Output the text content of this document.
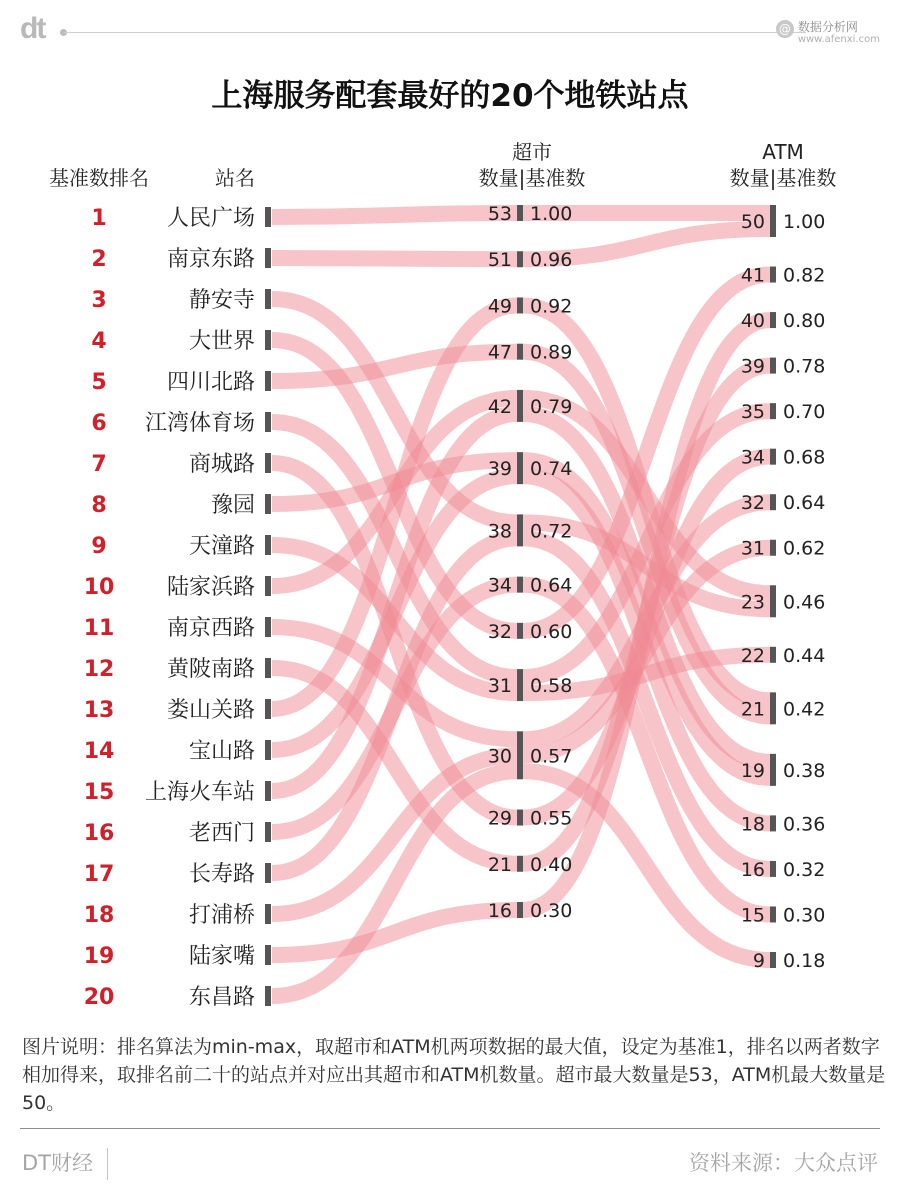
dt	@ 数据分析网
www.afenxi.com
上海服务配套最好的20个地铁站点
1	人民广场
2	南京东路
3	静安寺
4	大世界
5	四川北路
6 江湾体育场
7	商城路
8	豫园
9	天潼路
10 陆家浜路
11 南京西路
12 黄陂南路
13 娄山关路
14	宝山路
15 上海火车站
16	老西门
17	长寿路
18	打浦桥
19	陆家嘴
20	东昌路
53 1.00
51 0.96
49 0.92
47 0.89
42 0.79
39 0.74
38 0.72
34 0.64
32 0.60
31 0.58
30 0.57
29 0.55
21 0.40
16 0.30
50 1.00
41 0.82
40 0.80
39 0.78
35 0.70
34 0.68
32 0.64
31 0.62
23 0.46
22 0.44
21 0.42
19 0.38
18 0.36
16 0.32
15 0.30
9 0.18
基准数排名	站名
超市
数量|基准数
ATM
数量|基准数
图片说明：排名算法为min-max，取超市和ATM机两项数据的最大值，设定为基准1，排名以两者数字相加得来，取排名前二十的站点并对应出其超市和ATM机数量。超市最大数量是53，ATM机最大数量是50。
DT财经	资料来源：大众点评
